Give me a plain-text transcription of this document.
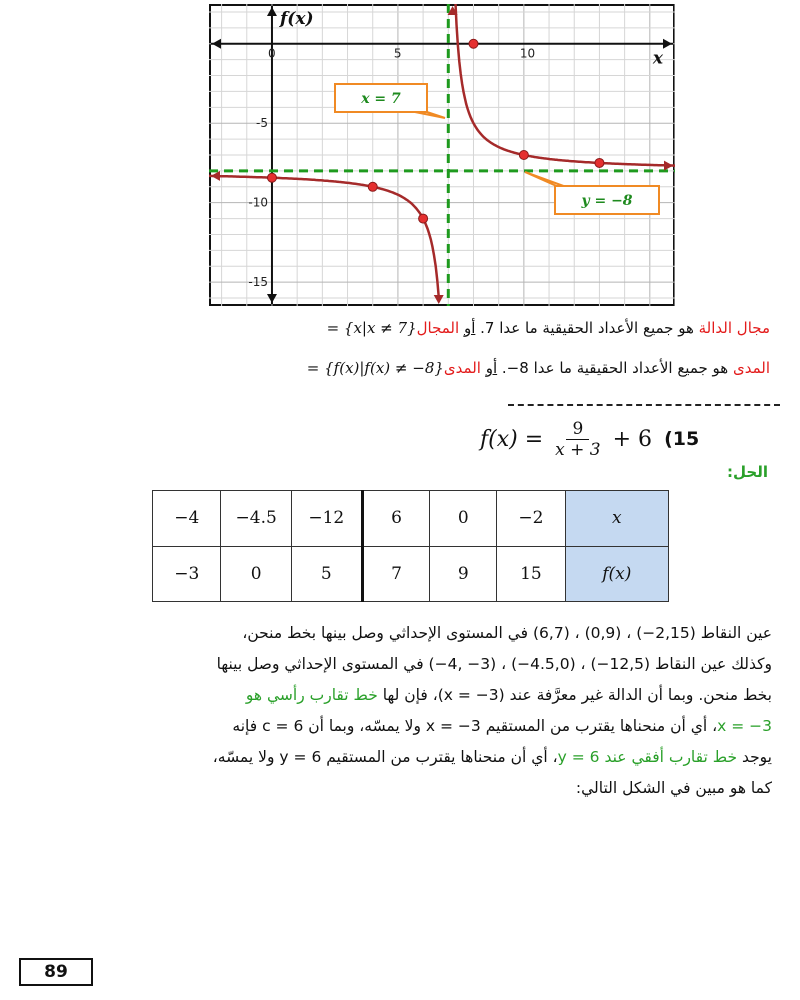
0	5	10
-5
-10
-15
x
f(x)
x = 7
y = −8
مجال الدالة هو جميع الأعداد الحقيقية ما عدا 7. أو المجال = {x|x ≠ 7}
المدى هو جميع الأعداد الحقيقية ما عدا 8−. أو المدى = {f(x)|f(x) ≠ −8}
$f(x) = \frac{9}{x + 3} + 6$ (15
الحل:
−4	−4.5	−12	6	0	−2	x
−3	0	5	7	9	15	f(x)
عين النقاط (2,15−) ، (0,9) ، (6,7) في المستوى الإحداثي وصل بينها بخط منحن،
وكذلك عين النقاط (12,5−) ، (4.5,0−) ، (3− ,4−) في المستوى الإحداثي وصل بينها
بخط منحن. وبما أن الدالة غير معرَّفة عند (3− = x)، فإن لها خط تقارب رأسي هو
3− = x، أي أن منحناها يقترب من المستقيم 3− = x ولا يمسّه، وبما أن 6 = c فإنه
يوجد خط تقارب أفقي عند 6 = y، أي أن منحناها يقترب من المستقيم 6 = y ولا يمسّه،
كما هو مبين في الشكل التالي:
89
